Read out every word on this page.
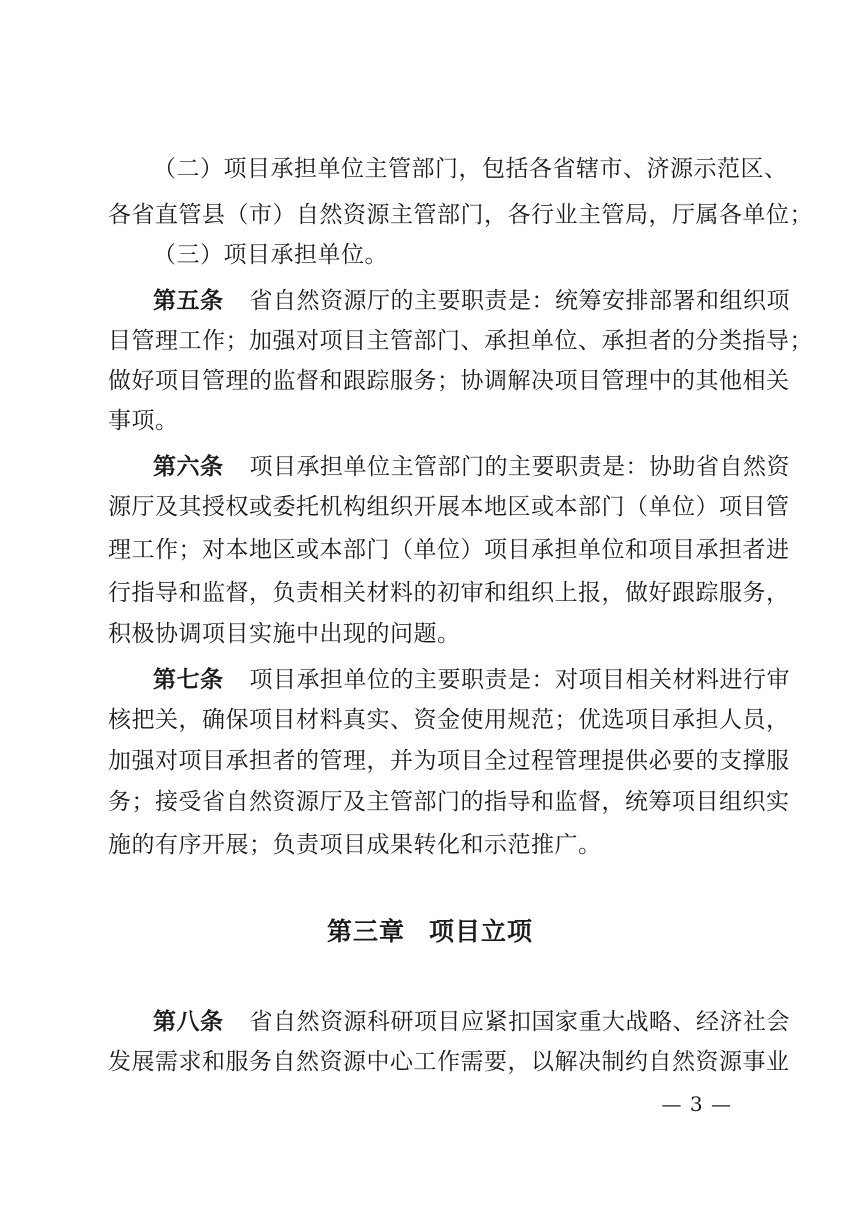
（二）项目承担单位主管部门，包括各省辖市、济源示范区、
各省直管县（市）自然资源主管部门，各行业主管局，厅属各单位；
（三）项目承担单位。
第五条 省自然资源厅的主要职责是：统筹安排部署和组织项
目管理工作；加强对项目主管部门、承担单位、承担者的分类指导；
做好项目管理的监督和跟踪服务；协调解决项目管理中的其他相关
事项。
第六条 项目承担单位主管部门的主要职责是：协助省自然资
源厅及其授权或委托机构组织开展本地区或本部门（单位）项目管
理工作；对本地区或本部门（单位）项目承担单位和项目承担者进
行指导和监督，负责相关材料的初审和组织上报，做好跟踪服务，
积极协调项目实施中出现的问题。
第七条 项目承担单位的主要职责是：对项目相关材料进行审
核把关，确保项目材料真实、资金使用规范；优选项目承担人员，
加强对项目承担者的管理，并为项目全过程管理提供必要的支撑服
务；接受省自然资源厅及主管部门的指导和监督，统筹项目组织实
施的有序开展；负责项目成果转化和示范推广。
第三章 项目立项
第八条 省自然资源科研项目应紧扣国家重大战略、经济社会
发展需求和服务自然资源中心工作需要，以解决制约自然资源事业
— 3 —
